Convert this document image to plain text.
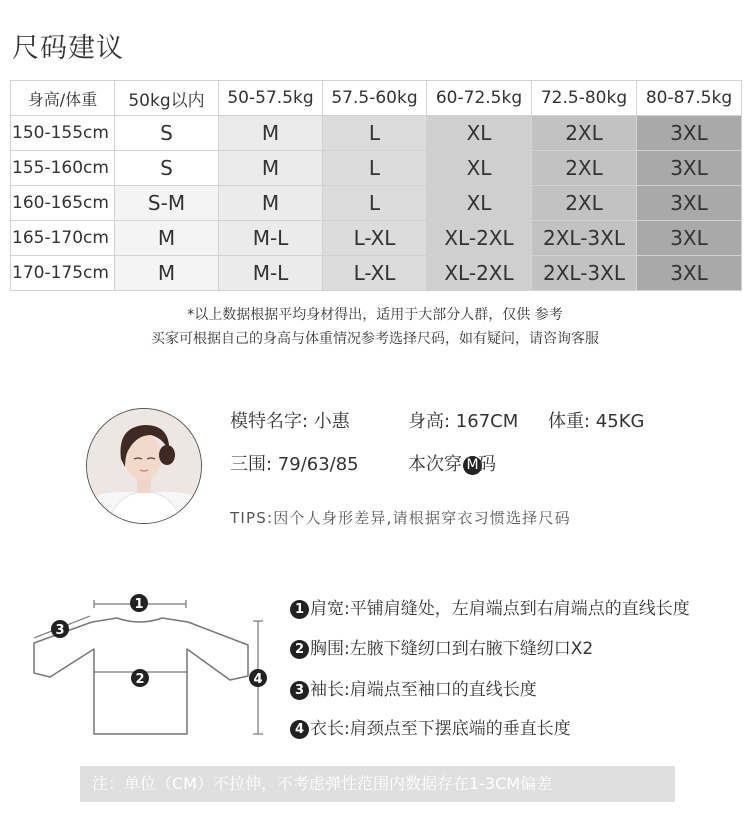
尺码建议
身高/体重	50kg以内	50-57.5kg	57.5-60kg	60-72.5kg	72.5-80kg	80-87.5kg
150-155cm	S	M	L	XL	2XL	3XL
155-160cm	S	M	L	XL	2XL	3XL
160-165cm	S-M	M	L	XL	2XL	3XL
165-170cm	M	M-L	L-XL	XL-2XL	2XL-3XL	3XL
170-175cm	M	M-L	L-XL	XL-2XL	2XL-3XL	3XL
*以上数据根据平均身材得出，适用于大部分人群，仅供 参考
买家可根据自己的身高与体重情况参考选择尺码，如有疑问，请咨询客服
模特名字: 小惠	身高: 167CM 体重: 45KG
三围: 79/63/85	本次穿 M码
TIPS:因个人身形差异,请根据穿衣习惯选择尺码
1
2
3
4
1 肩宽:平铺肩缝处，左肩端点到右肩端点的直线长度
2 胸围:左腋下缝纫口到右腋下缝纫口X2
3 袖长:肩端点至袖口的直线长度
4 衣长:肩颈点至下摆底端的垂直长度
注：单位（CM）不拉伸，不考虑弹性范围内数据存在1-3CM偏差
